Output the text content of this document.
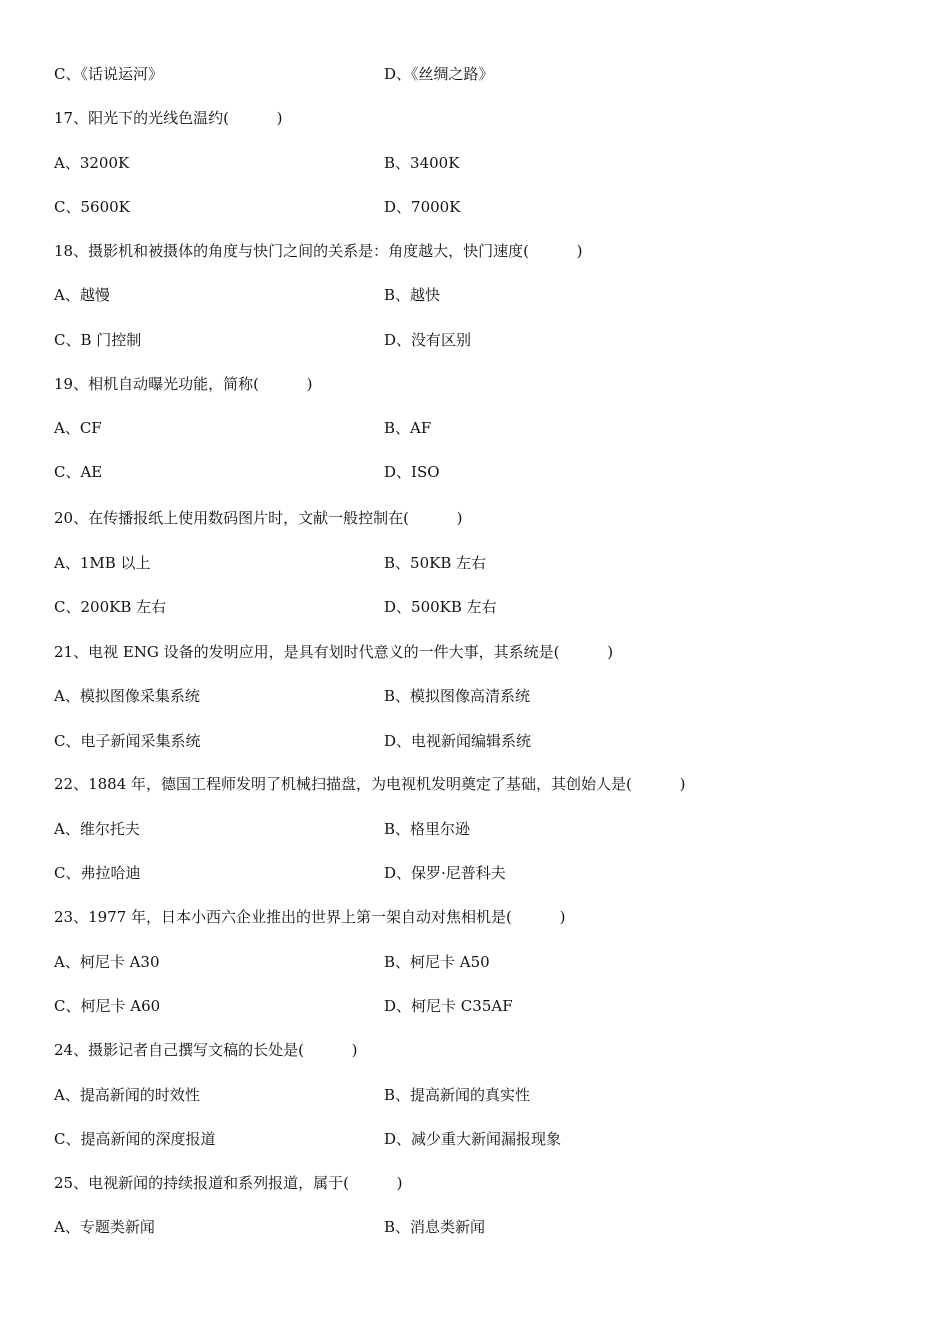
C、《话说运河》	D、《丝绸之路》
17、阳光下的光线色温约(          )
A、3200K	B、3400K
C、5600K	D、7000K
18、摄影机和被摄体的角度与快门之间的关系是：角度越大，快门速度(          )
A、越慢	B、越快
C、B 门控制	D、没有区别
19、相机自动曝光功能，简称(          )
A、CF	B、AF
C、AE	D、ISO
20、在传播报纸上使用数码图片时，文献一般控制在(          )
A、1MB 以上	B、50KB 左右
C、200KB 左右	D、500KB 左右
21、电视 ENG 设备的发明应用，是具有划时代意义的一件大事，其系统是(          )
A、模拟图像采集系统	B、模拟图像高清系统
C、电子新闻采集系统	D、电视新闻编辑系统
22、1884 年，德国工程师发明了机械扫描盘，为电视机发明奠定了基础，其创始人是(          )
A、维尔托夫	B、格里尔逊
C、弗拉哈迪	D、保罗·尼普科夫
23、1977 年，日本小西六企业推出的世界上第一架自动对焦相机是(          )
A、柯尼卡 A30	B、柯尼卡 A50
C、柯尼卡 A60	D、柯尼卡 C35AF
24、摄影记者自己撰写文稿的长处是(          )
A、提高新闻的时效性	B、提高新闻的真实性
C、提高新闻的深度报道	D、减少重大新闻漏报现象
25、电视新闻的持续报道和系列报道，属于(          )
A、专题类新闻	B、消息类新闻
